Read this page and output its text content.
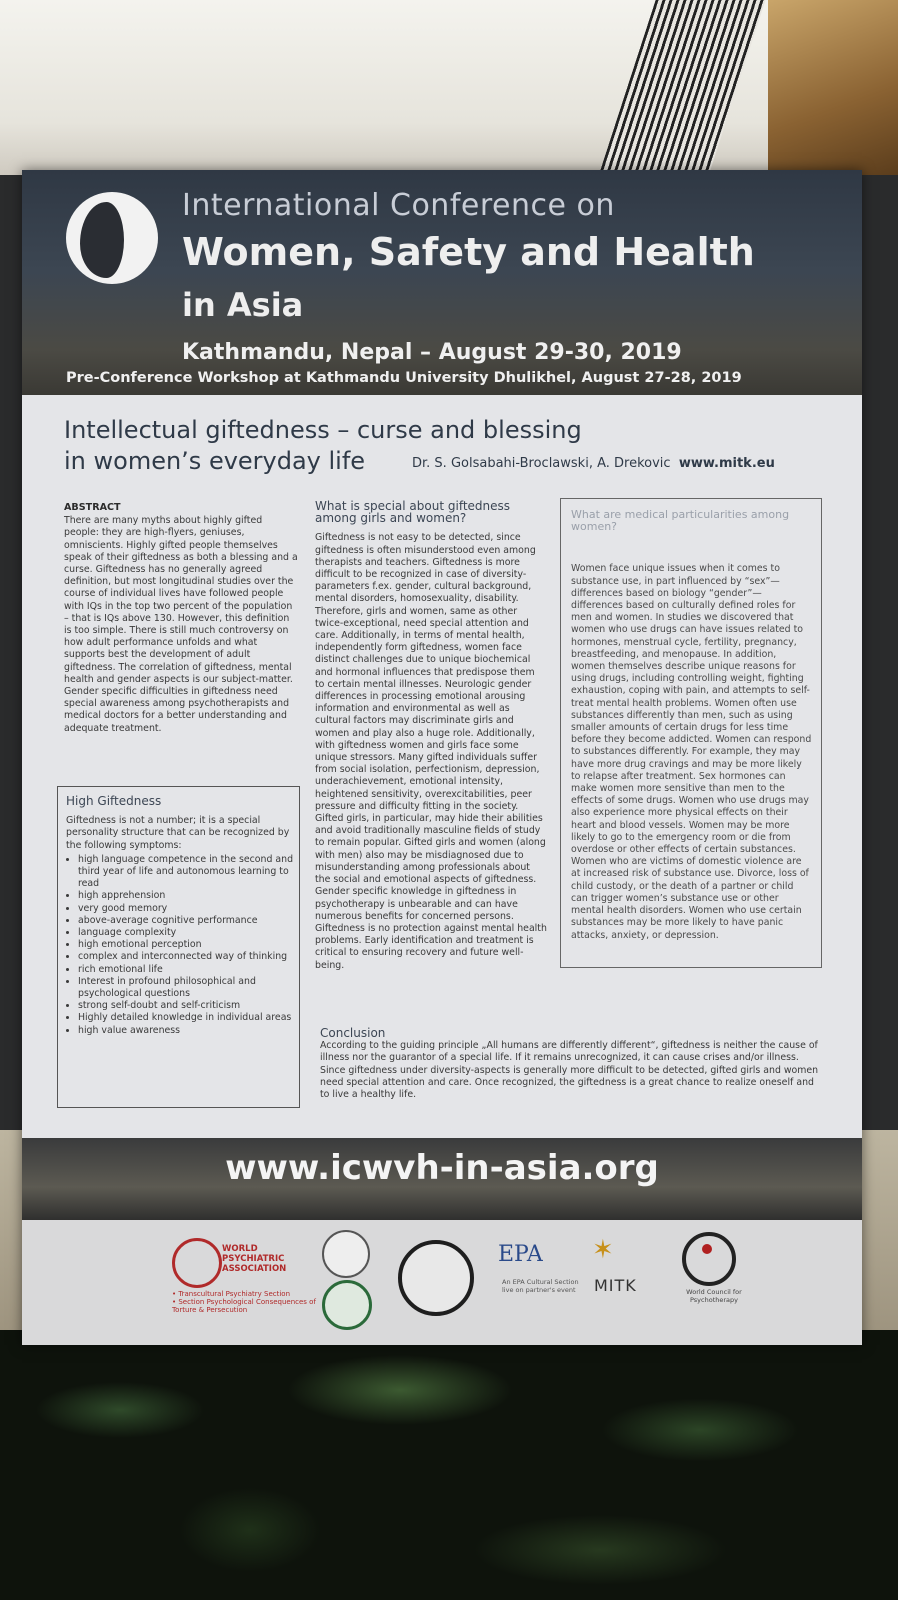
International Conference on
Women, Safety and Health
in Asia
Kathmandu, Nepal – August 29-30, 2019
Pre-Conference Workshop at Kathmandu University Dhulikhel, August 27-28, 2019
Intellectual giftedness – curse and blessing
in women’s everyday life	Dr. S. Golsabahi-Broclawski, A. Drekovic www.mitk.eu
ABSTRACT

There are many myths about highly gifted people: they are high-flyers, geniuses, omniscients. Highly gifted people themselves speak of their giftedness as both a blessing and a curse. Giftedness has no generally agreed definition, but most longitudinal studies over the course of individual lives have followed people with IQs in the top two percent of the population – that is IQs above 130. However, this definition is too simple. There is still much controversy on how adult performance unfolds and what supports best the development of adult giftedness. The correlation of giftedness, mental health and gender aspects is our subject-matter. Gender specific difficulties in giftedness need special awareness among psychotherapists and medical doctors for a better understanding and adequate treatment.

High Giftedness

Giftedness is not a number; it is a special personality structure that can be recognized by the following symptoms:

• high language competence in the second and third year of life and autonomous learning to read
• high apprehension
• very good memory
• above-average cognitive performance
• language complexity
• high emotional perception
• complex and interconnected way of thinking
• rich emotional life
• Interest in profound philosophical and psychological questions
• strong self-doubt and self-criticism
• Highly detailed knowledge in individual areas
• high value awareness
What is special about giftedness among girls and women?

Giftedness is not easy to be detected, since giftedness is often misunderstood even among therapists and teachers. Giftedness is more difficult to be recognized in case of diversity-parameters f.ex. gender, cultural background, mental disorders, homosexuality, disability. Therefore, girls and women, same as other twice-exceptional, need special attention and care. Additionally, in terms of mental health, independently form giftedness, women face distinct challenges due to unique biochemical and hormonal influences that predispose them to certain mental illnesses. Neurologic gender differences in processing emotional arousing information and environmental as well as cultural factors may discriminate girls and women and play also a huge role. Additionally, with giftedness women and girls face some unique stressors. Many gifted individuals suffer from social isolation, perfectionism, depression, underachievement, emotional intensity, heightened sensitivity, overexcitabilities, peer pressure and difficulty fitting in the society. Gifted girls, in particular, may hide their abilities and avoid traditionally masculine fields of study to remain popular. Gifted girls and women (along with men) also may be misdiagnosed due to misunderstanding among professionals about the social and emotional aspects of giftedness. Gender specific knowledge in giftedness in psychotherapy is unbearable and can have numerous benefits for concerned persons. Giftedness is no protection against mental health problems. Early identification and treatment is critical to ensuring recovery and future well-being.

What are medical particularities among women?

Women face unique issues when it comes to substance use, in part influenced by “sex”—differences based on biology “gender”—differences based on culturally defined roles for men and women. In studies we discovered that women who use drugs can have issues related to hormones, menstrual cycle, fertility, pregnancy, breastfeeding, and menopause. In addition, women themselves describe unique reasons for using drugs, including controlling weight, fighting exhaustion, coping with pain, and attempts to self-treat mental health problems. Women often use substances differently than men, such as using smaller amounts of certain drugs for less time before they become addicted. Women can respond to substances differently. For example, they may have more drug cravings and may be more likely to relapse after treatment. Sex hormones can make women more sensitive than men to the effects of some drugs. Women who use drugs may also experience more physical effects on their heart and blood vessels. Women may be more likely to go to the emergency room or die from overdose or other effects of certain substances. Women who are victims of domestic violence are at increased risk of substance use. Divorce, loss of child custody, or the death of a partner or child can trigger women’s substance use or other mental health disorders. Women who use certain substances may be more likely to have panic attacks, anxiety, or depression.

Conclusion

According to the guiding principle „All humans are differently different“, giftedness is neither the cause of illness nor the guarantor of a special life. If it remains unrecognized, it can cause crises and/or illness. Since giftedness under diversity-aspects is generally more difficult to be detected, gifted girls and women need special attention and care. Once recognized, the giftedness is a great chance to realize oneself and to live a healthy life.

www.icwvh-in-asia.org
WORLD PSYCHIATRIC ASSOCIATION
• Transcultural Psychiatry Section
• Section Psychological Consequences of Torture & Persecution
EPA
An EPA Cultural Section live on partner's event
✶
MITK	World Council for Psychotherapy
